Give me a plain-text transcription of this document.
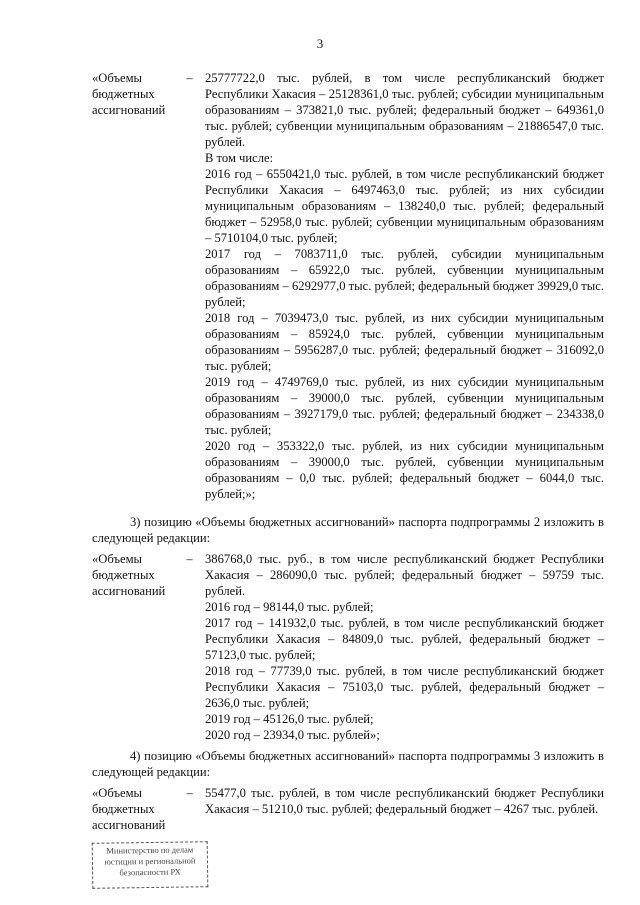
3
«Объемы бюджетных ассигнований
– 25777722,0 тыс. рублей, в том числе республиканский бюджет Республики Хакасия – 25128361,0 тыс. рублей; субсидии муниципальным образованиям – 373821,0 тыс. рублей; федеральный бюджет – 649361,0 тыс. рублей; субвенции муниципальным образованиям – 21886547,0 тыс. рублей.

В том числе:

2016 год – 6550421,0 тыс. рублей, в том числе республиканский бюджет Республики Хакасия – 6497463,0 тыс. рублей; из них субсидии муниципальным образованиям – 138240,0 тыс. рублей; федеральный бюджет – 52958,0 тыс. рублей; субвенции муниципальным образованиям – 5710104,0 тыс. рублей;

2017 год – 7083711,0 тыс. рублей, субсидии муниципальным образованиям – 65922,0 тыс. рублей, субвенции муниципальным образованиям – 6292977,0 тыс. рублей; федеральный бюджет 39929,0 тыс. рублей;

2018 год – 7039473,0 тыс. рублей, из них субсидии муниципальным образованиям – 85924,0 тыс. рублей, субвенции муниципальным образованиям – 5956287,0 тыс. рублей; федеральный бюджет – 316092,0 тыс. рублей;

2019 год – 4749769,0 тыс. рублей, из них субсидии муниципальным образованиям – 39000,0 тыс. рублей, субвенции муниципальным образованиям – 3927179,0 тыс. рублей; федеральный бюджет – 234338,0 тыс. рублей;

2020 год – 353322,0 тыс. рублей, из них субсидии муниципальным образованиям – 39000,0 тыс. рублей, субвенции муниципальным образованиям – 0,0 тыс. рублей; федеральный бюджет – 6044,0 тыс. рублей;»;

3) позицию «Объемы бюджетных ассигнований» паспорта подпрограммы 2 изложить в следующей редакции:

«Объемы бюджетных ассигнований
– 386768,0 тыс. руб., в том числе республиканский бюджет Республики Хакасия – 286090,0 тыс. рублей; федеральный бюджет – 59759 тыс. рублей.

2016 год – 98144,0 тыс. рублей;

2017 год – 141932,0 тыс. рублей, в том числе республиканский бюджет Республики Хакасия – 84809,0 тыс. рублей, федеральный бюджет – 57123,0 тыс. рублей;

2018 год – 77739,0 тыс. рублей, в том числе республиканский бюджет Республики Хакасия – 75103,0 тыс. рублей, федеральный бюджет – 2636,0 тыс. рублей;

2019 год – 45126,0 тыс. рублей;

2020 год – 23934,0 тыс. рублей»;

4) позицию «Объемы бюджетных ассигнований» паспорта подпрограммы 3 изложить в следующей редакции:

«Объемы бюджетных ассигнований
– 55477,0 тыс. рублей, в том числе республиканский бюджет Республики Хакасия – 51210,0 тыс. рублей; федеральный бюджет – 4267 тыс. рублей.

Министерство по делам
юстиции и региональной
безопасности РХ
